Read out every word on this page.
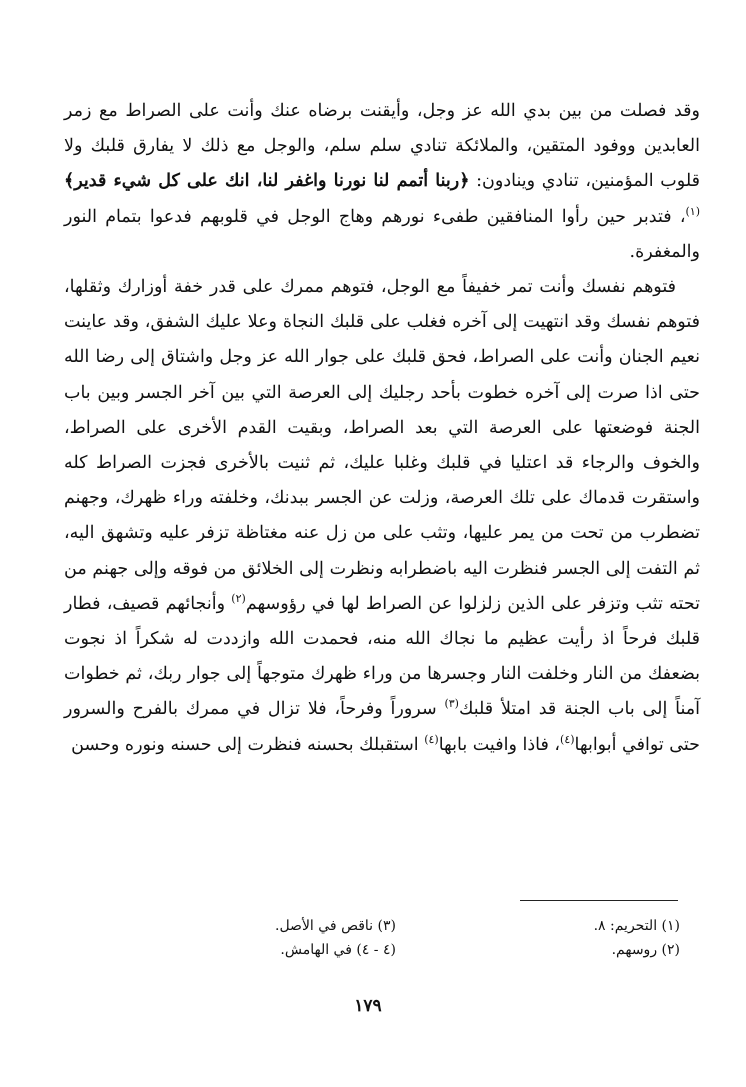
وقد فصلت من بين بدي الله عز وجل، وأيقنت برضاه عنك وأنت على الصراط مع زمر العابدين ووفود المتقين، والملائكة تنادي سلم سلم، والوجل مع ذلك لا يفارق قلبك ولا قلوب المؤمنين، تنادي وينادون: ﴿ربنا أتمم لنا نورنا واغفر لنا، انك على كل شيء قدير﴾$^{(١)}$، فتدبر حين رأوا المنافقين طفىء نورهم وهاج الوجل في قلوبهم فدعوا بتمام النور والمغفرة.

فتوهم نفسك وأنت تمر خفيفاً مع الوجل، فتوهم ممرك على قدر خفة أوزارك وثقلها، فتوهم نفسك وقد انتهيت إلى آخره فغلب على قلبك النجاة وعلا عليك الشفق، وقد عاينت نعيم الجنان وأنت على الصراط، فحق قلبك على جوار الله عز وجل واشتاق إلى رضا الله حتى اذا صرت إلى آخره خطوت بأحد رجليك إلى العرصة التي بين آخر الجسر وبين باب الجنة فوضعتها على العرصة التي بعد الصراط، وبقيت القدم الأخرى على الصراط، والخوف والرجاء قد اعتليا في قلبك وغلبا عليك، ثم ثنيت بالأخرى فجزت الصراط كله واستقرت قدماك على تلك العرصة، وزلت عن الجسر ببدنك، وخلفته وراء ظهرك، وجهنم تضطرب من تحت من يمر عليها، وتثب على من زل عنه مغتاظة تزفر عليه وتشهق اليه، ثم التفت إلى الجسر فنظرت اليه باضطرابه ونظرت إلى الخلائق من فوقه وإلى جهنم من تحته تثب وتزفر على الذين زلزلوا عن الصراط لها في رؤوسهم$^{(٢)}$ وأنجائهم قصيف، فطار قلبك فرحاً اذ رأيت عظيم ما نجاك الله منه، فحمدت الله وازددت له شكراً اذ نجوت بضعفك من النار وخلفت النار وجسرها من وراء ظهرك متوجهاً إلى جوار ربك، ثم خطوات آمناً إلى باب الجنة قد امتلأ قلبك$^{(٣)}$ سروراً وفرحاً، فلا تزال في ممرك بالفرح والسرور حتى توافي أبوابها$^{(٤)}$، فاذا وافيت بابها$^{(٤)}$ استقبلك بحسنه فنظرت إلى حسنه ونوره وحسن

(١) التحريم: ٨.
(٢) روسهم.
(٣) ناقص في الأصل.
(٤ - ٤) في الهامش.
١٧٩
